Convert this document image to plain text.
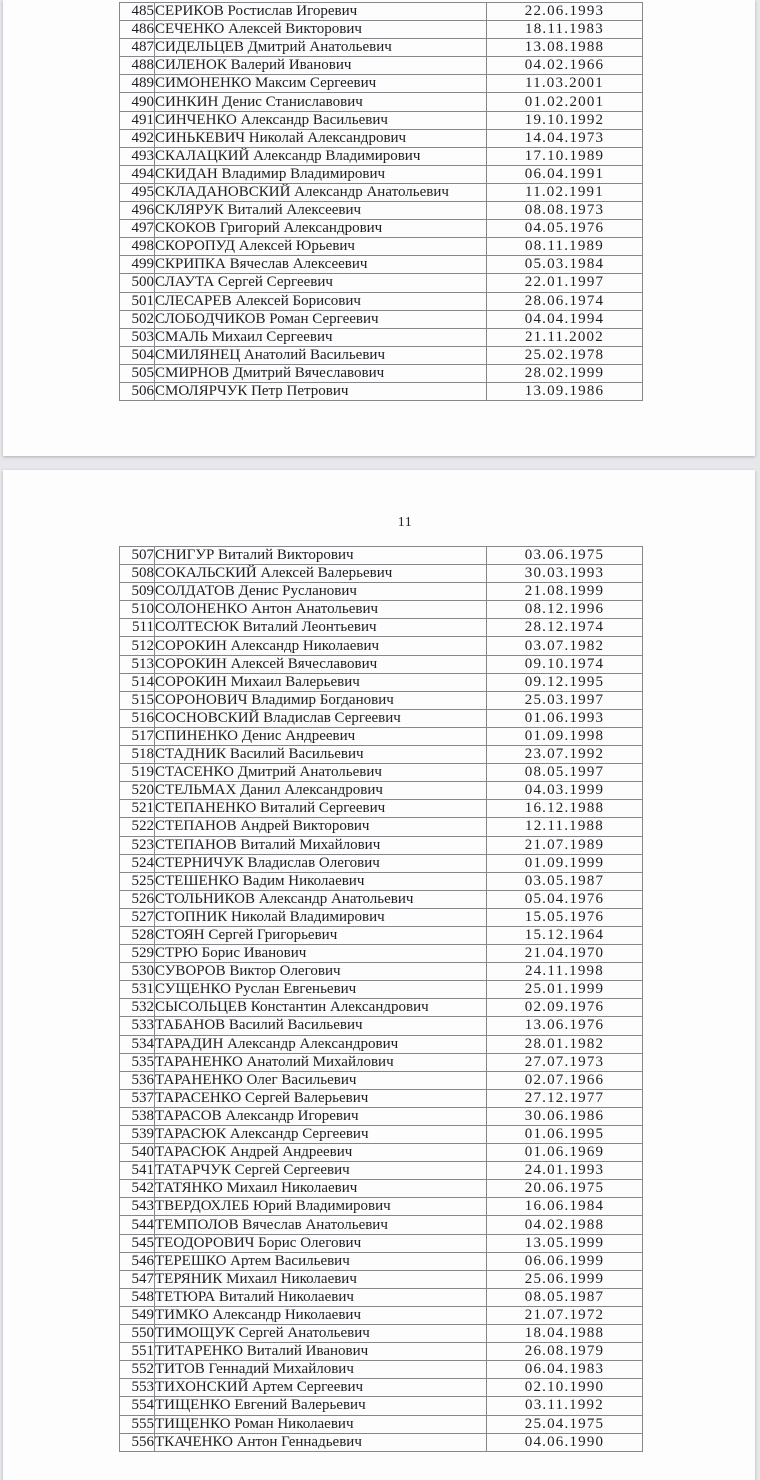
485	СЕРИКОВ Ростислав Игоревич	22.06.1993
486	СЕЧЕНКО Алексей Викторович	18.11.1983
487	СИДЕЛЬЦЕВ Дмитрий Анатольевич	13.08.1988
488	СИЛЕНОК Валерий Иванович	04.02.1966
489	СИМОНЕНКО Максим Сергеевич	11.03.2001
490	СИНКИН Денис Станиславович	01.02.2001
491	СИНЧЕНКО Александр Васильевич	19.10.1992
492	СИНЬКЕВИЧ Николай Александрович	14.04.1973
493	СКАЛАЦКИЙ Александр Владимирович	17.10.1989
494	СКИДАН Владимир Владимирович	06.04.1991
495	СКЛАДАНОВСКИЙ Александр Анатольевич	11.02.1991
496	СКЛЯРУК Виталий Алексеевич	08.08.1973
497	СКОКОВ Григорий Александрович	04.05.1976
498	СКОРОПУД Алексей Юрьевич	08.11.1989
499	СКРИПКА Вячеслав Алексеевич	05.03.1984
500	СЛАУТА Сергей Сергеевич	22.01.1997
501	СЛЕСАРЕВ Алексей Борисович	28.06.1974
502	СЛОБОДЧИКОВ Роман Сергеевич	04.04.1994
503	СМАЛЬ Михаил Сергеевич	21.11.2002
504	СМИЛЯНЕЦ Анатолий Васильевич	25.02.1978
505	СМИРНОВ Дмитрий Вячеславович	28.02.1999
506	СМОЛЯРЧУК Петр Петрович	13.09.1986
11
507	СНИГУР Виталий Викторович	03.06.1975
508	СОКАЛЬСКИЙ Алексей Валерьевич	30.03.1993
509	СОЛДАТОВ Денис Русланович	21.08.1999
510	СОЛОНЕНКО Антон Анатольевич	08.12.1996
511	СОЛТЕСЮК Виталий Леонтьевич	28.12.1974
512	СОРОКИН Александр Николаевич	03.07.1982
513	СОРОКИН Алексей Вячеславович	09.10.1974
514	СОРОКИН Михаил Валерьевич	09.12.1995
515	СОРОНОВИЧ Владимир Богданович	25.03.1997
516	СОСНОВСКИЙ Владислав Сергеевич	01.06.1993
517	СПИНЕНКО Денис Андреевич	01.09.1998
518	СТАДНИК Василий Васильевич	23.07.1992
519	СТАСЕНКО Дмитрий Анатольевич	08.05.1997
520	СТЕЛЬМАХ Данил Александрович	04.03.1999
521	СТЕПАНЕНКО Виталий Сергеевич	16.12.1988
522	СТЕПАНОВ Андрей Викторович	12.11.1988
523	СТЕПАНОВ Виталий Михайлович	21.07.1989
524	СТЕРНИЧУК Владислав Олегович	01.09.1999
525	СТЕШЕНКО Вадим Николаевич	03.05.1987
526	СТОЛЬНИКОВ Александр Анатольевич	05.04.1976
527	СТОПНИК Николай Владимирович	15.05.1976
528	СТОЯН Сергей Григорьевич	15.12.1964
529	СТРЮ Борис Иванович	21.04.1970
530	СУВОРОВ Виктор Олегович	24.11.1998
531	СУЩЕНКО Руслан Евгеньевич	25.01.1999
532	СЫСОЛЬЦЕВ Константин Александрович	02.09.1976
533	ТАБАНОВ Василий Васильевич	13.06.1976
534	ТАРАДИН Александр Александрович	28.01.1982
535	ТАРАНЕНКО Анатолий Михайлович	27.07.1973
536	ТАРАНЕНКО Олег Васильевич	02.07.1966
537	ТАРАСЕНКО Сергей Валерьевич	27.12.1977
538	ТАРАСОВ Александр Игоревич	30.06.1986
539	ТАРАСЮК Александр Сергеевич	01.06.1995
540	ТАРАСЮК Андрей Андреевич	01.06.1969
541	ТАТАРЧУК Сергей Сергеевич	24.01.1993
542	ТАТЯНКО Михаил Николаевич	20.06.1975
543	ТВЕРДОХЛЕБ Юрий Владимирович	16.06.1984
544	ТЕМПОЛОВ Вячеслав Анатольевич	04.02.1988
545	ТЕОДОРОВИЧ Борис Олегович	13.05.1999
546	ТЕРЕШКО Артем Васильевич	06.06.1999
547	ТЕРЯНИК Михаил Николаевич	25.06.1999
548	ТЕТЮРА Виталий Николаевич	08.05.1987
549	ТИМКО Александр Николаевич	21.07.1972
550	ТИМОЩУК Сергей Анатольевич	18.04.1988
551	ТИТАРЕНКО Виталий Иванович	26.08.1979
552	ТИТОВ Геннадий Михайлович	06.04.1983
553	ТИХОНСКИЙ Артем Сергеевич	02.10.1990
554	ТИЩЕНКО Евгений Валерьевич	03.11.1992
555	ТИЩЕНКО Роман Николаевич	25.04.1975
556	ТКАЧЕНКО Антон Геннадьевич	04.06.1990
